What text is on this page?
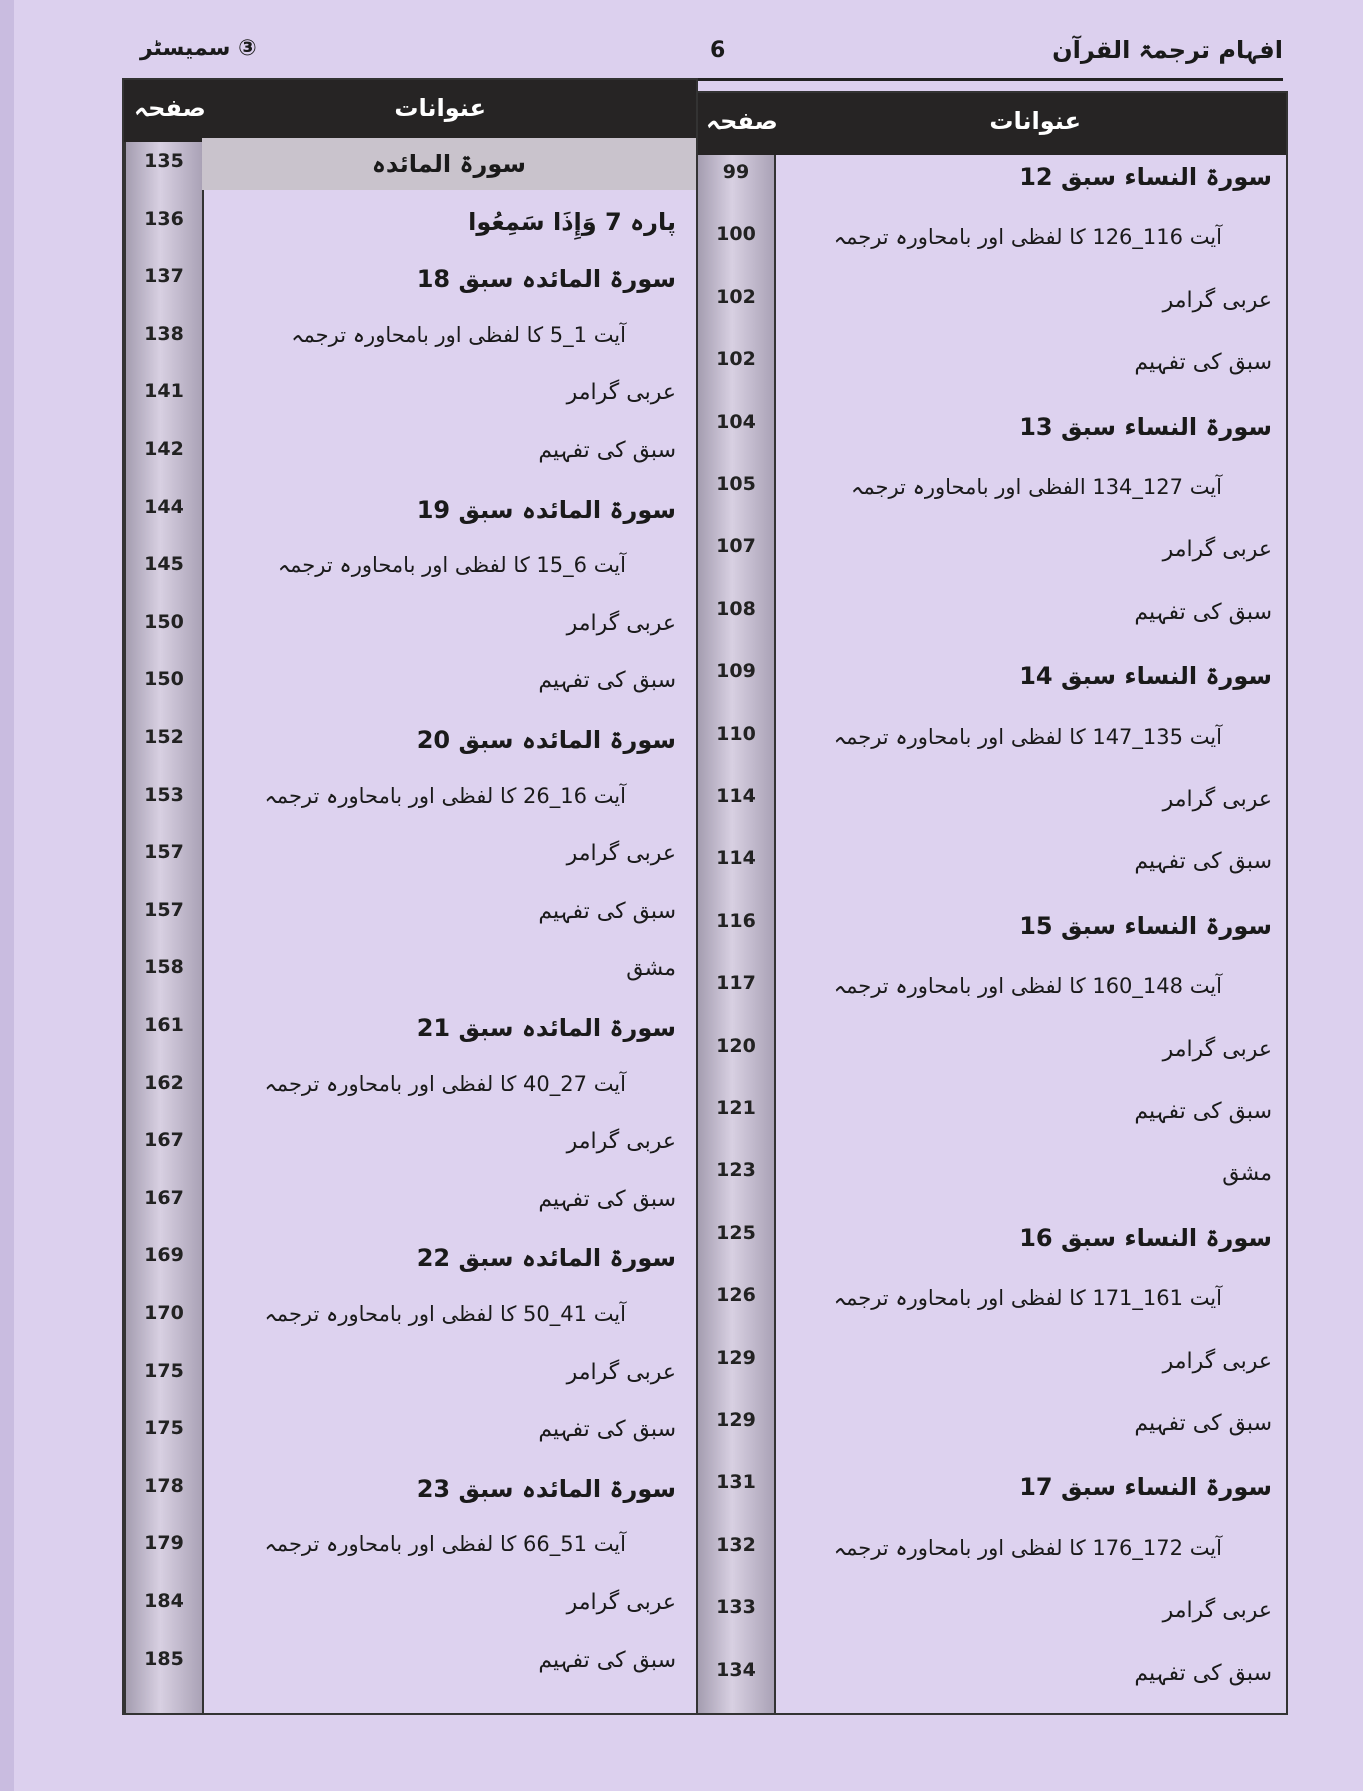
افہام ترجمۃ القرآن
6
سمیسٹر ③
عنوانات
صفحہ
99
100
102
102
104
105
107
108
109
110
114
114
116
117
120
121
123
125
126
129
129
131
132
133
134
سورۃ النساء سبق 12
آیت 116_126 کا لفظی اور بامحاورہ ترجمہ
عربی گرامر
سبق کی تفہیم
سورۃ النساء سبق 13
آیت 127_134 الفظی اور بامحاورہ ترجمہ
عربی گرامر
سبق کی تفہیم
سورۃ النساء سبق 14
آیت 135_147 کا لفظی اور بامحاورہ ترجمہ
عربی گرامر
سبق کی تفہیم
سورۃ النساء سبق 15
آیت 148_160 کا لفظی اور بامحاورہ ترجمہ
عربی گرامر
سبق کی تفہیم
مشق
سورۃ النساء سبق 16
آیت 161_171 کا لفظی اور بامحاورہ ترجمہ
عربی گرامر
سبق کی تفہیم
سورۃ النساء سبق 17
آیت 172_176 کا لفظی اور بامحاورہ ترجمہ
عربی گرامر
سبق کی تفہیم
عنوانات
صفحہ
135
136
137
138
141
142
144
145
150
150
152
153
157
157
158
161
162
167
167
169
170
175
175
178
179
184
185
سورۃ المائدہ
پارہ 7 وَإِذَا سَمِعُوا
سورۃ المائدہ سبق 18
آیت 1_5 کا لفظی اور بامحاورہ ترجمہ
عربی گرامر
سبق کی تفہیم
سورۃ المائدہ سبق 19
آیت 6_15 کا لفظی اور بامحاورہ ترجمہ
عربی گرامر
سبق کی تفہیم
سورۃ المائدہ سبق 20
آیت 16_26 کا لفظی اور بامحاورہ ترجمہ
عربی گرامر
سبق کی تفہیم
مشق
سورۃ المائدہ سبق 21
آیت 27_40 کا لفظی اور بامحاورہ ترجمہ
عربی گرامر
سبق کی تفہیم
سورۃ المائدہ سبق 22
آیت 41_50 کا لفظی اور بامحاورہ ترجمہ
عربی گرامر
سبق کی تفہیم
سورۃ المائدہ سبق 23
آیت 51_66 کا لفظی اور بامحاورہ ترجمہ
عربی گرامر
سبق کی تفہیم
